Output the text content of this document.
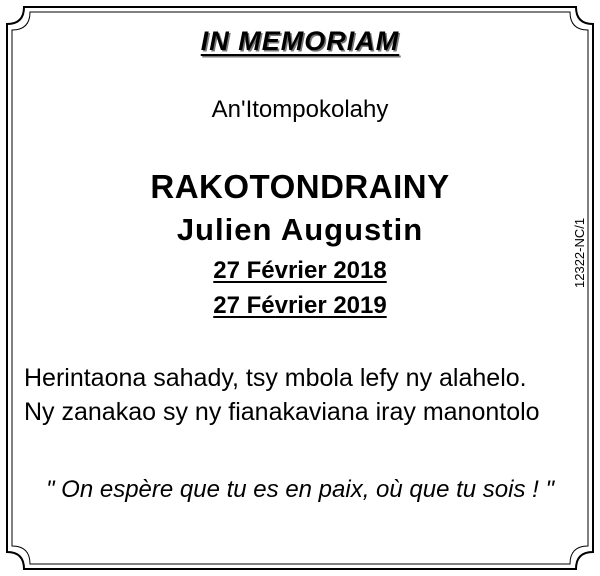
IN MEMORIAM
An'Itompokolahy
RAKOTONDRAINY
Julien Augustin
27 Février 2018
27 Février 2019
Herintaona sahady, tsy mbola lefy ny alahelo.
Ny zanakao sy ny fianakaviana iray manontolo
" On espère que tu es en paix, où que tu sois ! "
12322-NC/1
